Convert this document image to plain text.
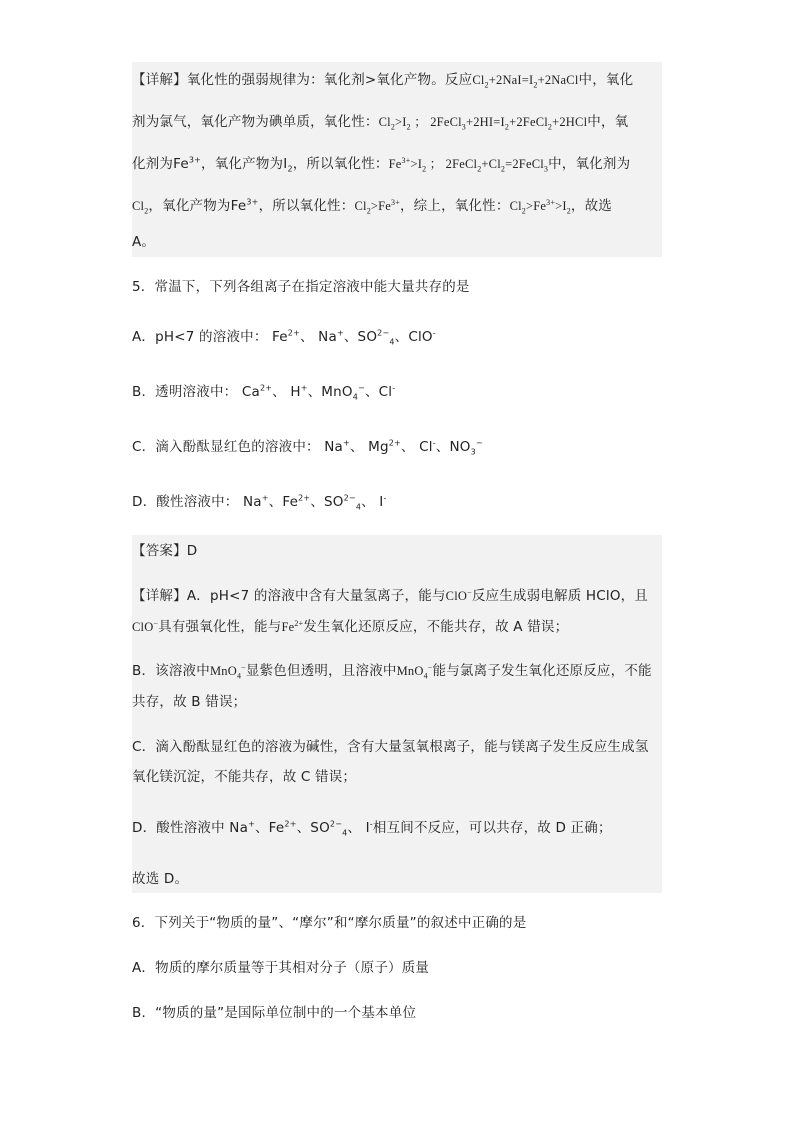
【详解】氧化性的强弱规律为：氧化剂>氧化产物。反应$Cl_2+2NaI=I_2+2NaCl$中，氧化
剂为氯气，氧化产物为碘单质，氧化性：$Cl_2>I_2$ ； $2FeCl_3+2HI=I_2+2FeCl_2+2HCl$中，氧
化剂为$Fe^{3+}$，氧化产物为$I_2$，所以氧化性：$Fe^{3+}>I_2$ ； $2FeCl_2+Cl_2=2FeCl_3$中，氧化剂为
$Cl_2$，氧化产物为$Fe^{3+}$，所以氧化性：$Cl_2>Fe^{3+}$，综上，氧化性：$Cl_2>Fe^{3+}>I_2$，故选
A。
5．常温下，下列各组离子在指定溶液中能大量共存的是
A．pH<7 的溶液中： $Fe^{2+}$、 Na+、$SO^{2-}_4$、ClO-
B．透明溶液中： $Ca^{2+}$、 H+、MnO$_4$−、Cl-
C．滴入酚酞显红色的溶液中： Na+、 $Mg^{2+}$、 Cl-、$NO_3^-$
D．酸性溶液中： Na+、$Fe^{2+}$、$SO^{2-}_4$、 I-
【答案】D
【详解】A．pH<7 的溶液中含有大量氢离子，能与ClO−反应生成弱电解质 HClO，且
ClO−具有强氧化性，能与$Fe^{2+}$发生氧化还原反应，不能共存，故 A 错误；
B．该溶液中MnO$_4$−显紫色但透明，且溶液中MnO$_4$−能与氯离子发生氧化还原反应，不能
共存，故 B 错误；
C．滴入酚酞显红色的溶液为碱性，含有大量氢氧根离子，能与镁离子发生反应生成氢
氧化镁沉淀，不能共存，故 C 错误；
D．酸性溶液中 Na+、$Fe^{2+}$、$SO^{2-}_4$、 I-相互间不反应，可以共存，故 D 正确；
故选 D。
6．下列关于“物质的量”、“摩尔”和“摩尔质量”的叙述中正确的是
A．物质的摩尔质量等于其相对分子（原子）质量
B．“物质的量”是国际单位制中的一个基本单位
